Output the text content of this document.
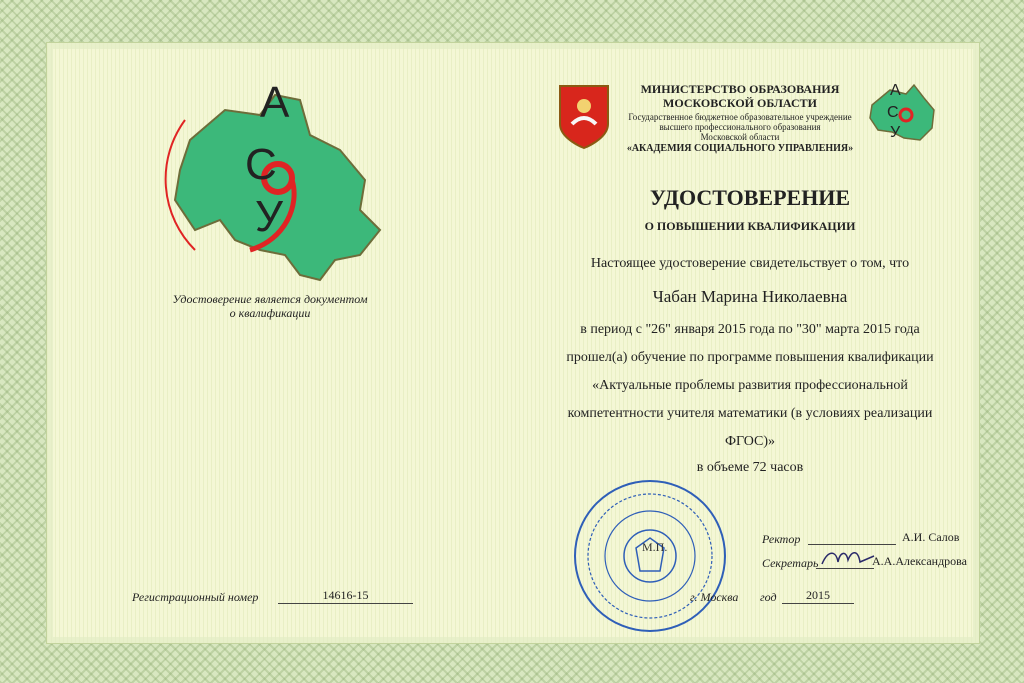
А
С
У
Удостоверение является документом
о квалификации
Регистрационный номер	14616-15
МИНИСТЕРСТВО ОБРАЗОВАНИЯ
МОСКОВСКОЙ ОБЛАСТИ
Государственное бюджетное образовательное учреждение
высшего профессионального образования
Московской области
«АКАДЕМИЯ СОЦИАЛЬНОГО УПРАВЛЕНИЯ»
А
С
У
УДОСТОВЕРЕНИЕ
О ПОВЫШЕНИИ КВАЛИФИКАЦИИ
Настоящее удостоверение свидетельствует о том, что
Чабан Марина Николаевна
в период с "26" января 2015 года по "30" марта 2015 года
прошел(а) обучение по программе повышения квалификации
«Актуальные проблемы развития профессиональной
компетентности учителя математики (в условиях реализации
ФГОС)»
в объеме 72 часов
М.П.
Ректор	А.И. Салов
Секретарь	А.А.Александрова
г. Москва год	2015
